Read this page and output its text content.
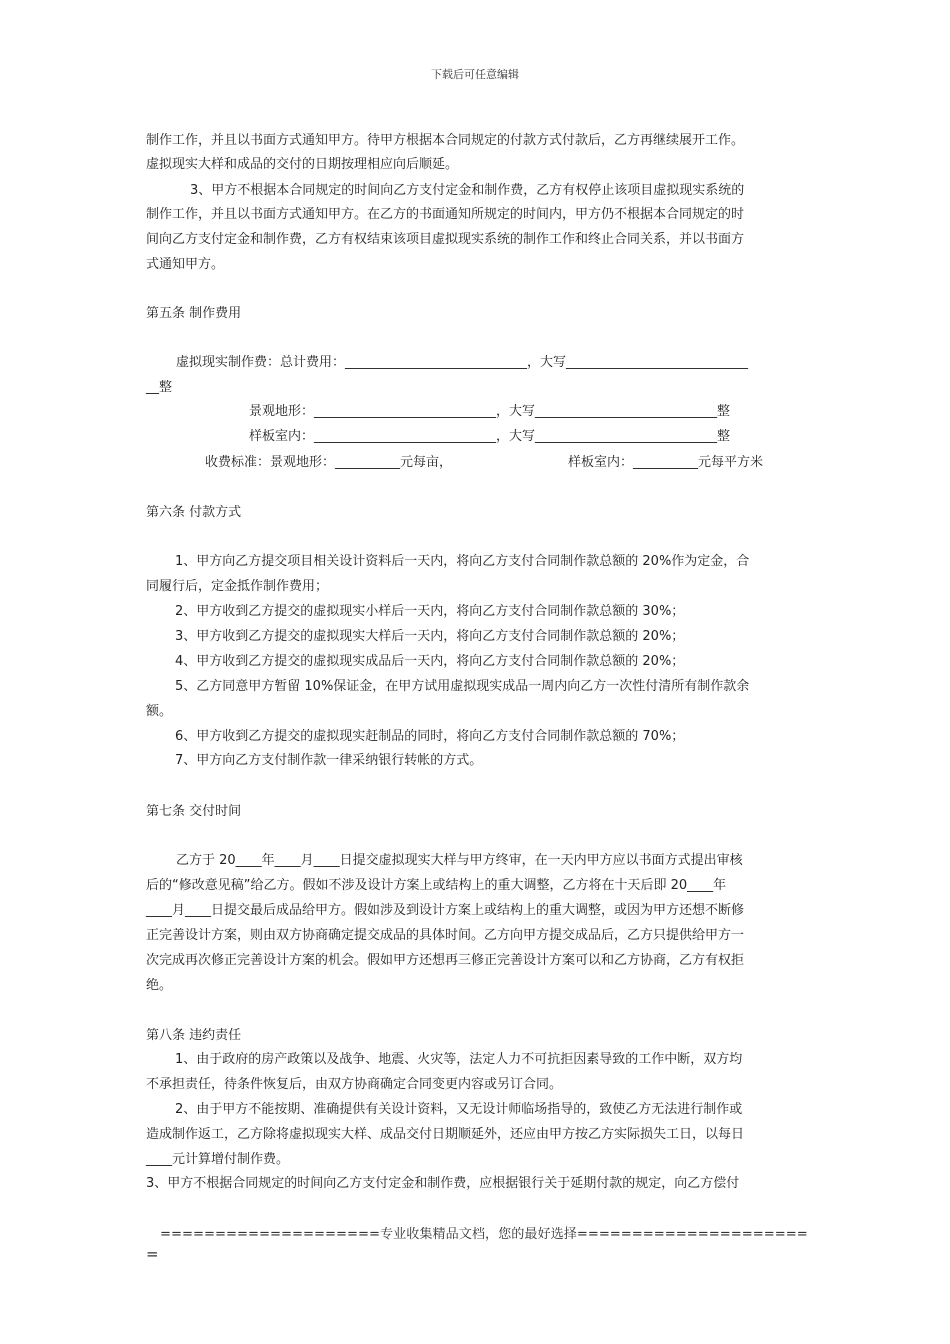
下载后可任意编辑
制作工作，并且以书面方式通知甲方。待甲方根据本合同规定的付款方式付款后，乙方再继续展开工作。
虚拟现实大样和成品的交付的日期按理相应向后顺延。
3、甲方不根据本合同规定的时间向乙方支付定金和制作费，乙方有权停止该项目虚拟现实系统的
制作工作，并且以书面方式通知甲方。在乙方的书面通知所规定的时间内，甲方仍不根据本合同规定的时
间向乙方支付定金和制作费，乙方有权结束该项目虚拟现实系统的制作工作和终止合同关系，并以书面方
式通知甲方。
第五条 制作费用
虚拟现实制作费：总计费用：____________________________，大写____________________________
__整
景观地形：____________________________，大写____________________________整
样板室内：____________________________，大写____________________________整
收费标准：景观地形：__________元每亩，	样板室内：__________元每平方米
第六条 付款方式
1、甲方向乙方提交项目相关设计资料后一天内，将向乙方支付合同制作款总额的 20%作为定金，合
同履行后，定金抵作制作费用；
2、甲方收到乙方提交的虚拟现实小样后一天内，将向乙方支付合同制作款总额的 30%；
3、甲方收到乙方提交的虚拟现实大样后一天内，将向乙方支付合同制作款总额的 20%；
4、甲方收到乙方提交的虚拟现实成品后一天内，将向乙方支付合同制作款总额的 20%；
5、乙方同意甲方暂留 10%保证金，在甲方试用虚拟现实成品一周内向乙方一次性付清所有制作款余
额。
6、甲方收到乙方提交的虚拟现实赶制品的同时，将向乙方支付合同制作款总额的 70%；
7、甲方向乙方支付制作款一律采纳银行转帐的方式。
第七条 交付时间
乙方于 20____年____月____日提交虚拟现实大样与甲方终审，在一天内甲方应以书面方式提出审核
后的“修改意见稿”给乙方。假如不涉及设计方案上或结构上的重大调整，乙方将在十天后即 20____年
____月____日提交最后成品给甲方。假如涉及到设计方案上或结构上的重大调整，或因为甲方还想不断修
正完善设计方案，则由双方协商确定提交成品的具体时间。乙方向甲方提交成品后，乙方只提供给甲方一
次完成再次修正完善设计方案的机会。假如甲方还想再三修正完善设计方案可以和乙方协商，乙方有权拒
绝。
第八条 违约责任
1、由于政府的房产政策以及战争、地震、火灾等，法定人力不可抗拒因素导致的工作中断，双方均
不承担责任，待条件恢复后，由双方协商确定合同变更内容或另订合同。
2、由于甲方不能按期、准确提供有关设计资料，又无设计师临场指导的，致使乙方无法进行制作或
造成制作返工，乙方除将虚拟现实大样、成品交付日期顺延外，还应由甲方按乙方实际损失工日，以每日
____元计算增付制作费。
3、甲方不根据合同规定的时间向乙方支付定金和制作费，应根据银行关于延期付款的规定，向乙方偿付
====================专业收集精品文档，您的最好选择=====================
=
